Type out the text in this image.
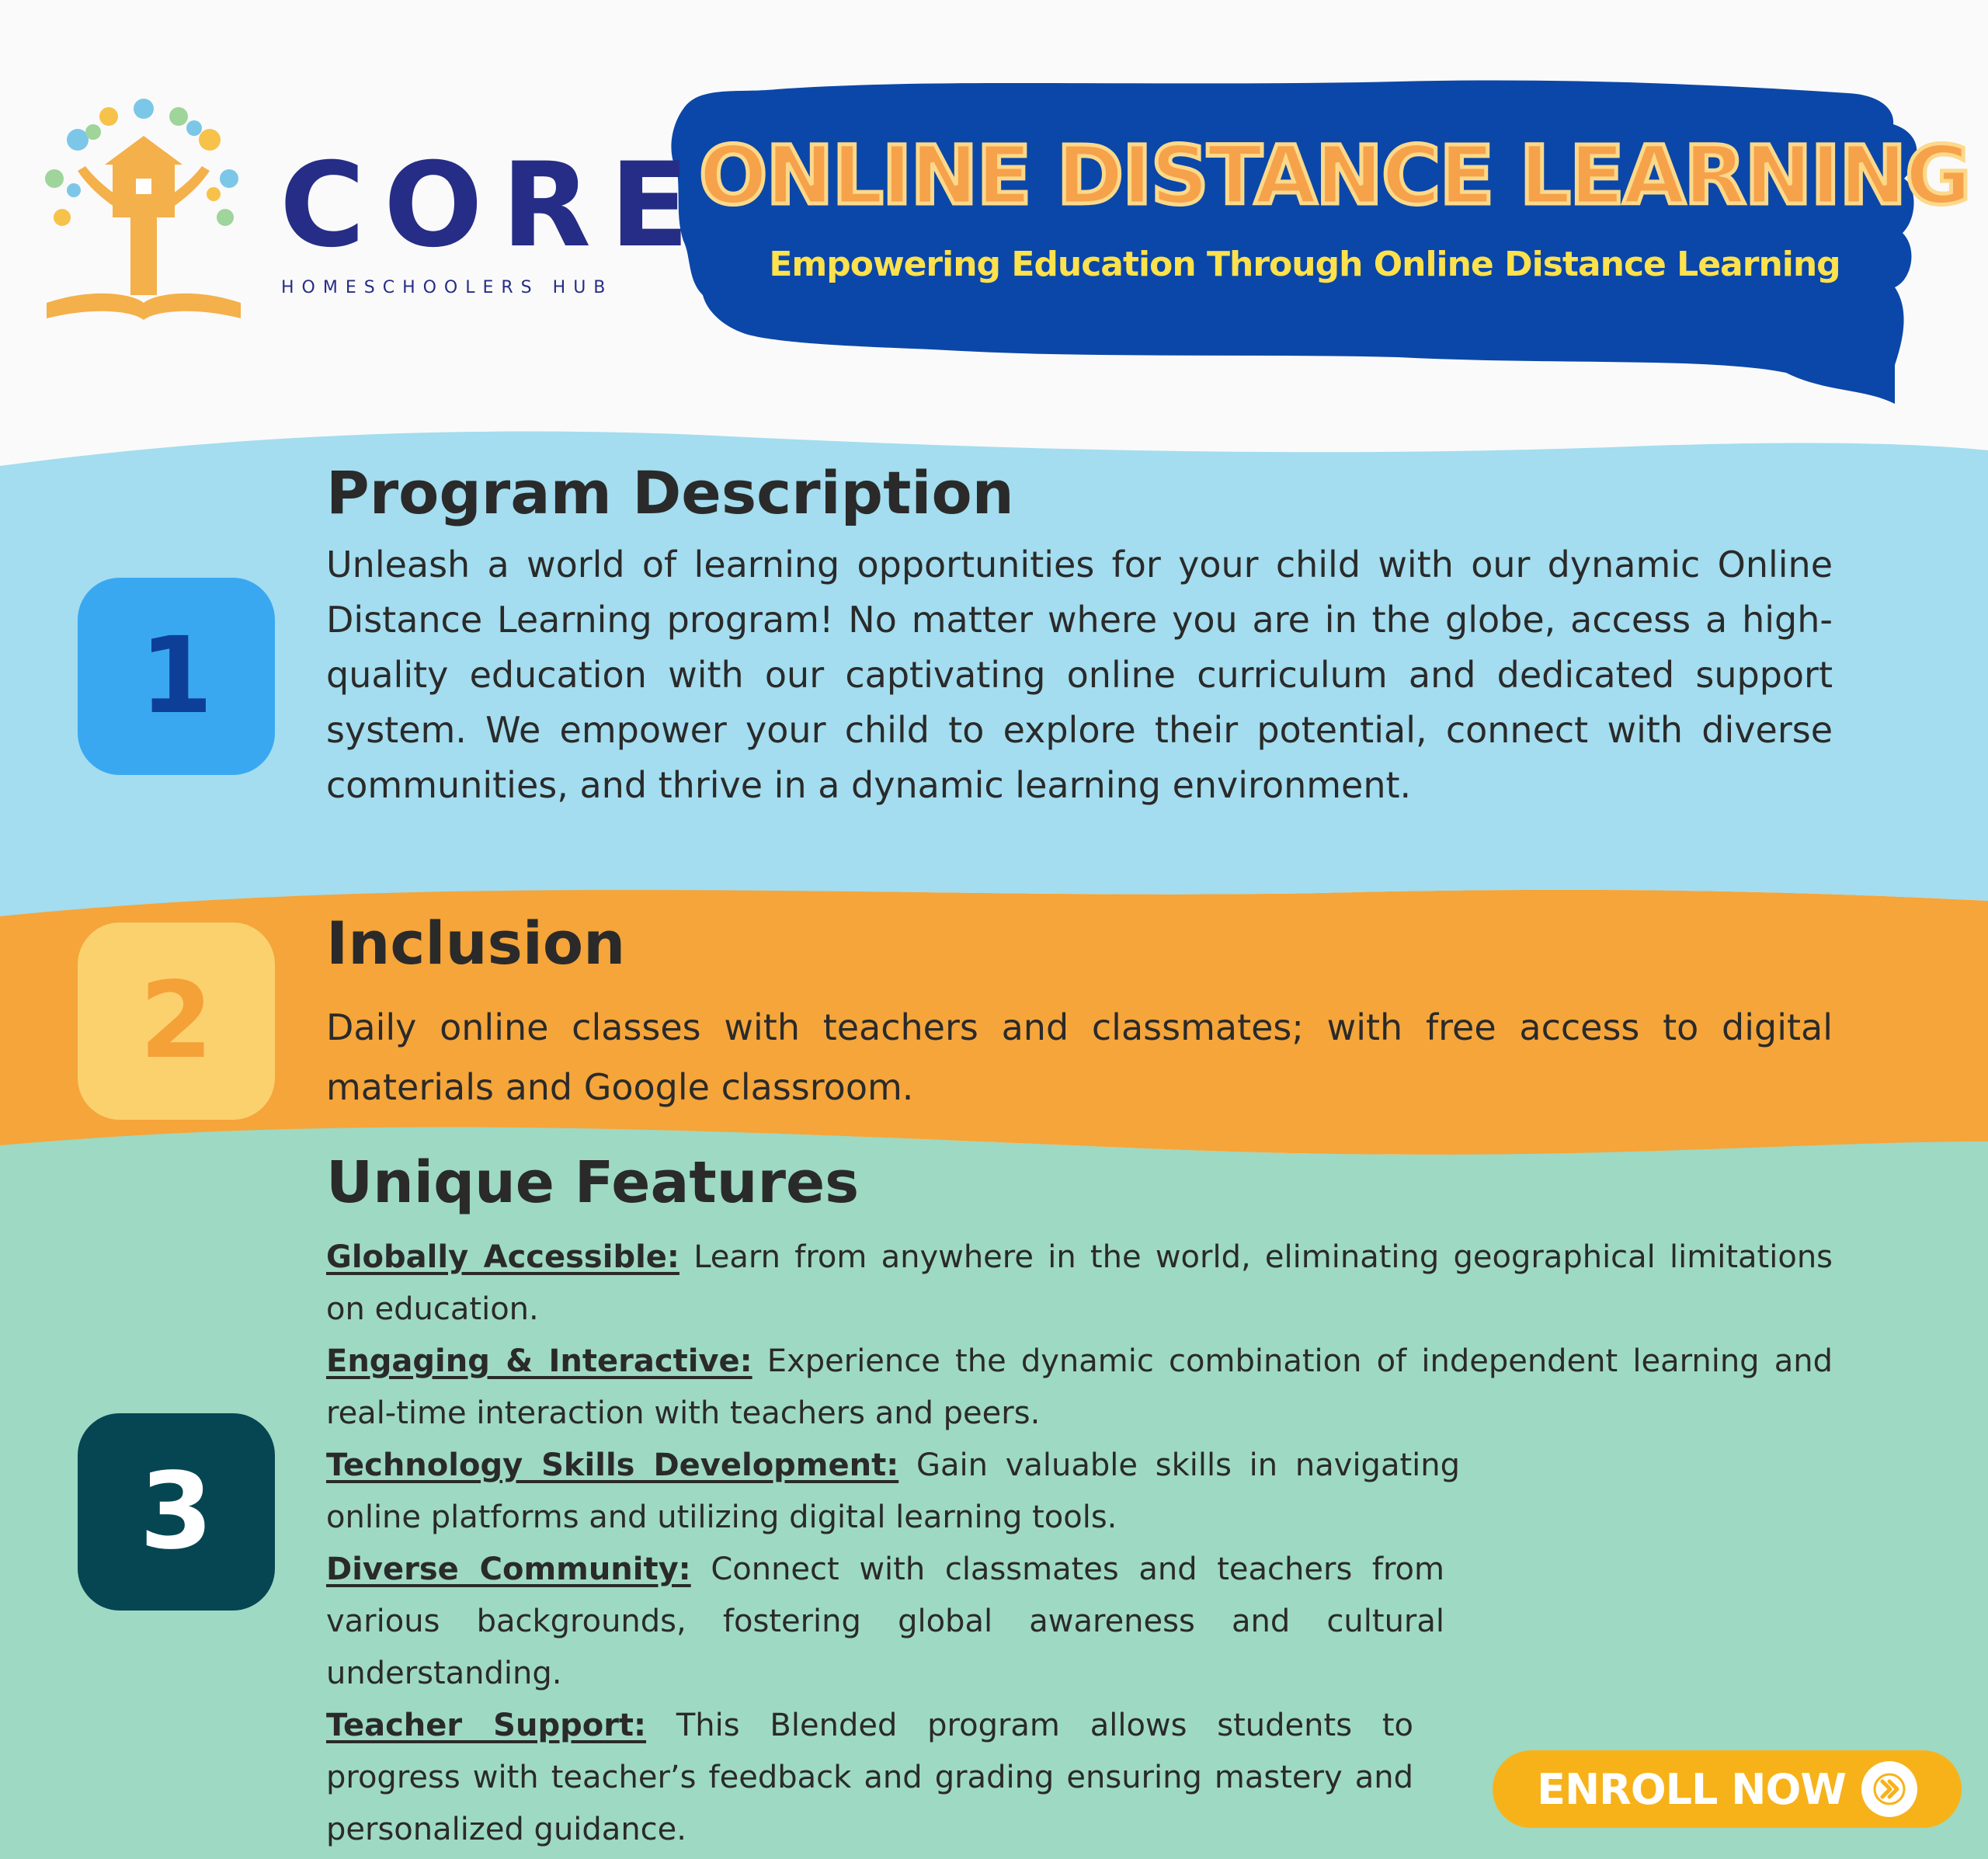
CORE
HOMESCHOOLERS HUB
ONLINE DISTANCE LEARNING
Empowering Education Through Online Distance Learning
1
Program Description
Unleash a world of learning opportunities for your child with our dynamic Online Distance Learning program! No matter where you are in the globe, access a high-quality education with our captivating online curriculum and dedicated support system. We empower your child to explore their potential, connect with diverse communities, and thrive in a dynamic learning environment.
2
Inclusion
Daily online classes with teachers and classmates; with free access to digital materials and Google classroom.
3
Unique Features
Globally Accessible: Learn from anywhere in the world, eliminating geographical limitations on education.
Engaging & Interactive: Experience the dynamic combination of independent learning and real-time interaction with teachers and peers.
Technology Skills Development: Gain valuable skills in navigating online platforms and utilizing digital learning tools.
Diverse Community: Connect with classmates and teachers from various backgrounds, fostering global awareness and cultural understanding.
Teacher Support: This Blended program allows students to progress with teacher’s feedback and grading ensuring mastery and personalized guidance.
ENROLL NOW
